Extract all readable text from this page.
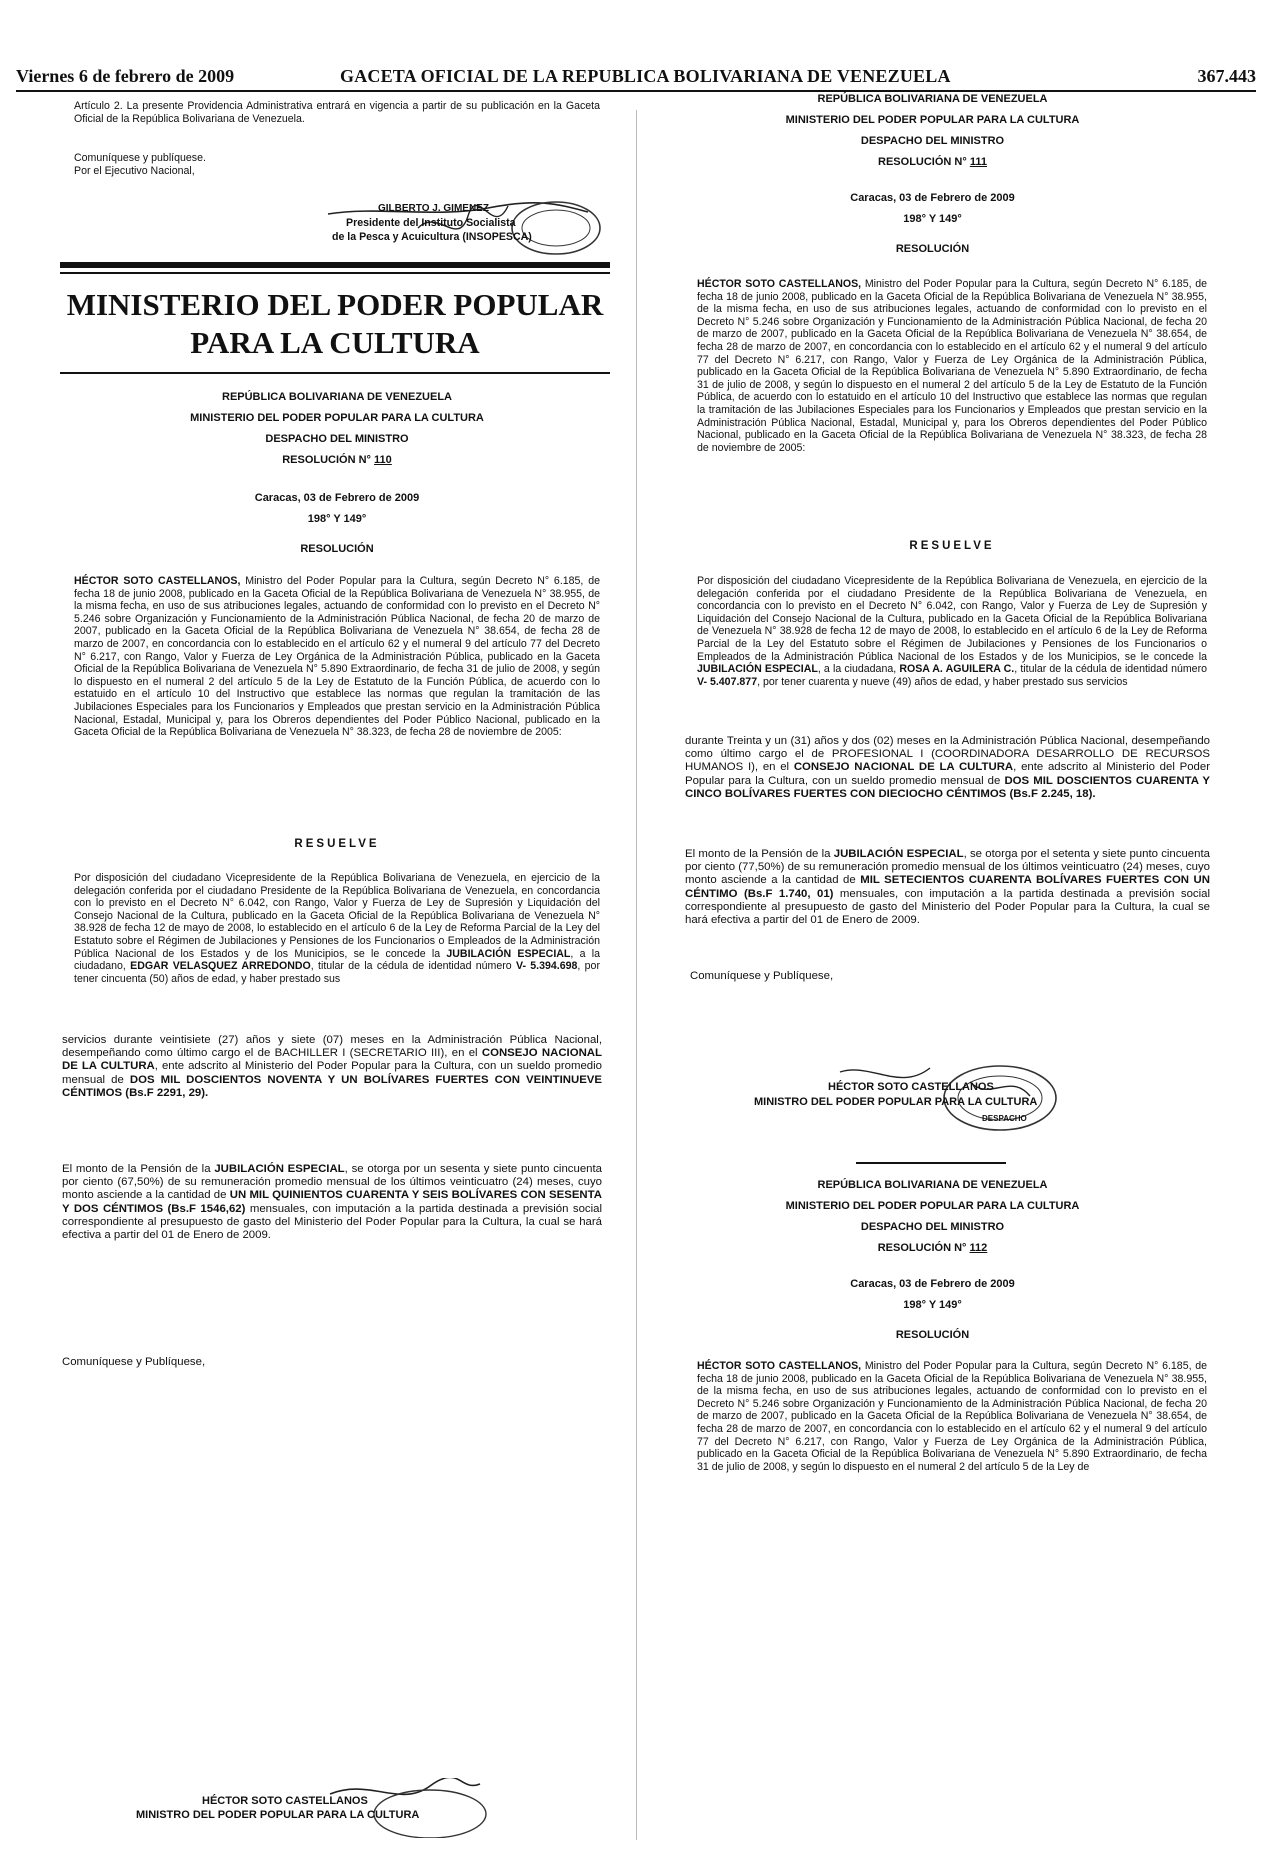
Viernes 6 de febrero de 2009	GACETA OFICIAL DE LA REPUBLICA BOLIVARIANA DE VENEZUELA	367.443

Artículo 2. La presente Providencia Administrativa entrará en vigencia a partir de su publicación en la Gaceta Oficial de la República Bolivariana de Venezuela.

Comuníquese y publíquese.
Por el Ejecutivo Nacional,
GILBERTO J. GIMENEZ
Presidente del Instituto Socialista
de la Pesca y Acuicultura (INSOPESCA)

MINISTERIO DEL PODER POPULAR

PARA LA CULTURA

REPÚBLICA BOLIVARIANA DE VENEZUELA

MINISTERIO DEL PODER POPULAR PARA LA CULTURA

DESPACHO DEL MINISTRO

RESOLUCIÓN N° 110

Caracas, 03 de Febrero de 2009

198° Y 149°

RESOLUCIÓN

HÉCTOR SOTO CASTELLANOS, Ministro del Poder Popular para la Cultura, según Decreto N° 6.185, de fecha 18 de junio 2008, publicado en la Gaceta Oficial de la República Bolivariana de Venezuela N° 38.955, de la misma fecha, en uso de sus atribuciones legales, actuando de conformidad con lo previsto en el Decreto N° 5.246 sobre Organización y Funcionamiento de la Administración Pública Nacional, de fecha 20 de marzo de 2007, publicado en la Gaceta Oficial de la República Bolivariana de Venezuela N° 38.654, de fecha 28 de marzo de 2007, en concordancia con lo establecido en el artículo 62 y el numeral 9 del artículo 77 del Decreto N° 6.217, con Rango, Valor y Fuerza de Ley Orgánica de la Administración Pública, publicado en la Gaceta Oficial de la República Bolivariana de Venezuela N° 5.890 Extraordinario, de fecha 31 de julio de 2008, y según lo dispuesto en el numeral 2 del artículo 5 de la Ley de Estatuto de la Función Pública, de acuerdo con lo estatuido en el artículo 10 del Instructivo que establece las normas que regulan la tramitación de las Jubilaciones Especiales para los Funcionarios y Empleados que prestan servicio en la Administración Pública Nacional, Estadal, Municipal y, para los Obreros dependientes del Poder Público Nacional, publicado en la Gaceta Oficial de la República Bolivariana de Venezuela N° 38.323, de fecha 28 de noviembre de 2005:

RESUELVE

Por disposición del ciudadano Vicepresidente de la República Bolivariana de Venezuela, en ejercicio de la delegación conferida por el ciudadano Presidente de la República Bolivariana de Venezuela, en concordancia con lo previsto en el Decreto N° 6.042, con Rango, Valor y Fuerza de Ley de Supresión y Liquidación del Consejo Nacional de la Cultura, publicado en la Gaceta Oficial de la República Bolivariana de Venezuela N° 38.928 de fecha 12 de mayo de 2008, lo establecido en el artículo 6 de la Ley de Reforma Parcial de la Ley del Estatuto sobre el Régimen de Jubilaciones y Pensiones de los Funcionarios o Empleados de la Administración Pública Nacional de los Estados y de los Municipios, se le concede la JUBILACIÓN ESPECIAL, a la ciudadano, EDGAR VELASQUEZ ARREDONDO, titular de la cédula de identidad número V- 5.394.698, por tener cincuenta (50) años de edad, y haber prestado sus

servicios durante veintisiete (27) años y siete (07) meses en la Administración Pública Nacional, desempeñando como último cargo el de BACHILLER I (SECRETARIO III), en el CONSEJO NACIONAL DE LA CULTURA, ente adscrito al Ministerio del Poder Popular para la Cultura, con un sueldo promedio mensual de DOS MIL DOSCIENTOS NOVENTA Y UN BOLÍVARES FUERTES CON VEINTINUEVE CÉNTIMOS (Bs.F 2291, 29).

El monto de la Pensión de la JUBILACIÓN ESPECIAL, se otorga por un sesenta y siete punto cincuenta por ciento (67,50%) de su remuneración promedio mensual de los últimos veinticuatro (24) meses, cuyo monto asciende a la cantidad de UN MIL QUINIENTOS CUARENTA Y SEIS BOLÍVARES CON SESENTA Y DOS CÉNTIMOS (Bs.F 1546,62) mensuales, con imputación a la partida destinada a previsión social correspondiente al presupuesto de gasto del Ministerio del Poder Popular para la Cultura, la cual se hará efectiva a partir del 01 de Enero de 2009.

Comuníquese y Publíquese,
HÉCTOR SOTO CASTELLANOS
MINISTRO DEL PODER POPULAR PARA LA CULTURA

REPÚBLICA BOLIVARIANA DE VENEZUELA

MINISTERIO DEL PODER POPULAR PARA LA CULTURA

DESPACHO DEL MINISTRO

RESOLUCIÓN N° 111

Caracas, 03 de Febrero de 2009

198° Y 149°

RESOLUCIÓN

HÉCTOR SOTO CASTELLANOS, Ministro del Poder Popular para la Cultura, según Decreto N° 6.185, de fecha 18 de junio 2008, publicado en la Gaceta Oficial de la República Bolivariana de Venezuela N° 38.955, de la misma fecha, en uso de sus atribuciones legales, actuando de conformidad con lo previsto en el Decreto N° 5.246 sobre Organización y Funcionamiento de la Administración Pública Nacional, de fecha 20 de marzo de 2007, publicado en la Gaceta Oficial de la República Bolivariana de Venezuela N° 38.654, de fecha 28 de marzo de 2007, en concordancia con lo establecido en el artículo 62 y el numeral 9 del artículo 77 del Decreto N° 6.217, con Rango, Valor y Fuerza de Ley Orgánica de la Administración Pública, publicado en la Gaceta Oficial de la República Bolivariana de Venezuela N° 5.890 Extraordinario, de fecha 31 de julio de 2008, y según lo dispuesto en el numeral 2 del artículo 5 de la Ley de Estatuto de la Función Pública, de acuerdo con lo estatuido en el artículo 10 del Instructivo que establece las normas que regulan la tramitación de las Jubilaciones Especiales para los Funcionarios y Empleados que prestan servicio en la Administración Pública Nacional, Estadal, Municipal y, para los Obreros dependientes del Poder Público Nacional, publicado en la Gaceta Oficial de la República Bolivariana de Venezuela N° 38.323, de fecha 28 de noviembre de 2005:

RESUELVE

Por disposición del ciudadano Vicepresidente de la República Bolivariana de Venezuela, en ejercicio de la delegación conferida por el ciudadano Presidente de la República Bolivariana de Venezuela, en concordancia con lo previsto en el Decreto N° 6.042, con Rango, Valor y Fuerza de Ley de Supresión y Liquidación del Consejo Nacional de la Cultura, publicado en la Gaceta Oficial de la República Bolivariana de Venezuela N° 38.928 de fecha 12 de mayo de 2008, lo establecido en el artículo 6 de la Ley de Reforma Parcial de la Ley del Estatuto sobre el Régimen de Jubilaciones y Pensiones de los Funcionarios o Empleados de la Administración Pública Nacional de los Estados y de los Municipios, se le concede la JUBILACIÓN ESPECIAL, a la ciudadana, ROSA A. AGUILERA C., titular de la cédula de identidad número V- 5.407.877, por tener cuarenta y nueve (49) años de edad, y haber prestado sus servicios

durante Treinta y un (31) años y dos (02) meses en la Administración Pública Nacional, desempeñando como último cargo el de PROFESIONAL I (COORDINADORA DESARROLLO DE RECURSOS HUMANOS I), en el CONSEJO NACIONAL DE LA CULTURA, ente adscrito al Ministerio del Poder Popular para la Cultura, con un sueldo promedio mensual de DOS MIL DOSCIENTOS CUARENTA Y CINCO BOLÍVARES FUERTES CON DIECIOCHO CÉNTIMOS (Bs.F 2.245, 18).

El monto de la Pensión de la JUBILACIÓN ESPECIAL, se otorga por el setenta y siete punto cincuenta por ciento (77,50%) de su remuneración promedio mensual de los últimos veinticuatro (24) meses, cuyo monto asciende a la cantidad de MIL SETECIENTOS CUARENTA BOLÍVARES FUERTES CON UN CÉNTIMO (Bs.F 1.740, 01) mensuales, con imputación a la partida destinada a previsión social correspondiente al presupuesto de gasto del Ministerio del Poder Popular para la Cultura, la cual se hará efectiva a partir del 01 de Enero de 2009.

Comuníquese y Publíquese,
HÉCTOR SOTO CASTELLANOS
MINISTRO DEL PODER POPULAR PARA LA CULTURA
DESPACHO

REPÚBLICA BOLIVARIANA DE VENEZUELA

MINISTERIO DEL PODER POPULAR PARA LA CULTURA

DESPACHO DEL MINISTRO

RESOLUCIÓN N° 112

Caracas, 03 de Febrero de 2009

198° Y 149°

RESOLUCIÓN

HÉCTOR SOTO CASTELLANOS, Ministro del Poder Popular para la Cultura, según Decreto N° 6.185, de fecha 18 de junio 2008, publicado en la Gaceta Oficial de la República Bolivariana de Venezuela N° 38.955, de la misma fecha, en uso de sus atribuciones legales, actuando de conformidad con lo previsto en el Decreto N° 5.246 sobre Organización y Funcionamiento de la Administración Pública Nacional, de fecha 20 de marzo de 2007, publicado en la Gaceta Oficial de la República Bolivariana de Venezuela N° 38.654, de fecha 28 de marzo de 2007, en concordancia con lo establecido en el artículo 62 y el numeral 9 del artículo 77 del Decreto N° 6.217, con Rango, Valor y Fuerza de Ley Orgánica de la Administración Pública, publicado en la Gaceta Oficial de la República Bolivariana de Venezuela N° 5.890 Extraordinario, de fecha 31 de julio de 2008, y según lo dispuesto en el numeral 2 del artículo 5 de la Ley de
